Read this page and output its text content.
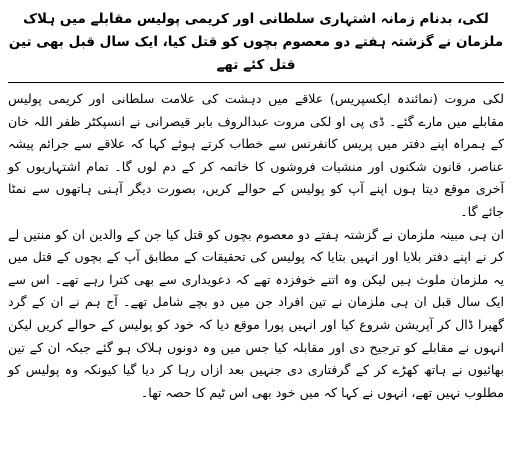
لکی، بدنام زمانہ اشتہاری سلطانی اور کریمی پولیس مقابلے میں ہلاک
ملزمان نے گزشتہ ہفتے دو معصوم بچوں کو قتل کیا، ایک سال قبل بھی تین قتل کئے تھے

لکی مروت (نمائندہ ایکسپریس) علاقے میں دہشت کی علامت سلطانی اور کریمی پولیس مقابلے میں مارے گئے۔ ڈی پی او لکی مروت عبدالروف بابر قیصرانی نے انسپکٹر ظفر اللہ خان کے ہمراہ اپنے دفتر میں پریس کانفرنس سے خطاب کرتے ہوئے کہا کہ علاقے سے جرائم پیشہ عناصر، قانون شکنوں اور منشیات فروشوں کا خاتمہ کر کے دم لوں گا۔ تمام اشتہاریوں کو آخری موقع دیتا ہوں اپنے آپ کو پولیس کے حوالے کریں، بصورت دیگر آہنی ہاتھوں سے نمٹا جائے گا۔

ان ہی مبینہ ملزمان نے گزشتہ ہفتے دو معصوم بچوں کو قتل کیا جن کے والدین ان کو منتیں لے کر نے اپنے دفتر بلایا اور انہیں بتایا کہ پولیس کی تحقیقات کے مطابق آپ کے بچوں کے قتل میں یہ ملزمان ملوث ہیں لیکن وہ اتنے خوفزدہ تھے کہ دعویداری سے بھی کترا رہے تھے۔ اس سے ایک سال قبل ان ہی ملزمان نے تین افراد جن میں دو بچے شامل تھے۔ آج ہم نے ان کے گرد گھیرا ڈال کر آپریشن شروع کیا اور انہیں پورا موقع دیا کہ خود کو پولیس کے حوالے کریں لیکن انہوں نے مقابلے کو ترجیح دی اور مقابلہ کیا جس میں وہ دونوں ہلاک ہو گئے جبکہ ان کے تین بھائیوں نے ہاتھ کھڑے کر کے گرفتاری دی جنہیں بعد ازاں رہا کر دیا گیا کیونکہ وہ پولیس کو مطلوب نہیں تھے، انہوں نے کہا کہ میں خود بھی اس ٹیم کا حصہ تھا۔
